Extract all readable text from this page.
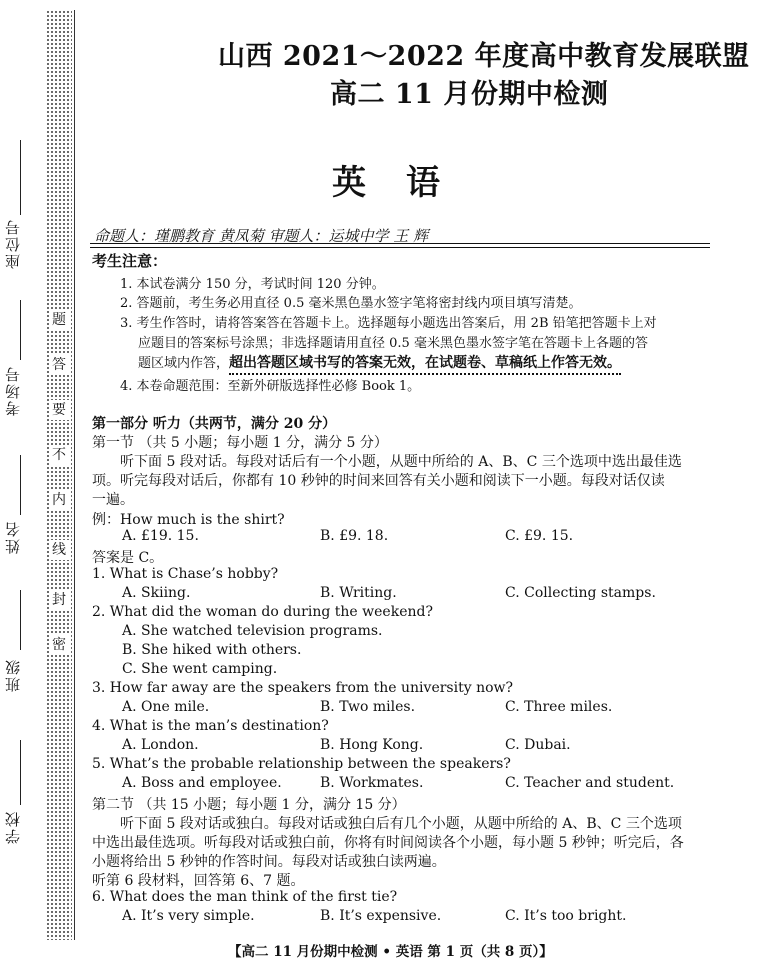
题
答
要
不
内
线
封
密
座位号
考场号
姓名
班级
学校
山西 2021～2022 年度高中教育发展联盟
高二 11 月份期中检测
英语
命题人：瑾鹏教育 黄凤菊 审题人：运城中学 王 辉
考生注意：
1. 本试卷满分 150 分，考试时间 120 分钟。
2. 答题前，考生务必用直径 0.5 毫米黑色墨水签字笔将密封线内项目填写清楚。
3. 考生作答时，请将答案答在答题卡上。选择题每小题选出答案后，用 2B 铅笔把答题卡上对
应题目的答案标号涂黑；非选择题请用直径 0.5 毫米黑色墨水签字笔在答题卡上各题的答
题区域内作答，超出答题区域书写的答案无效，在试题卷、草稿纸上作答无效。
4. 本卷命题范围：至新外研版选择性必修 Book 1。
第一部分 听力（共两节，满分 20 分）
第一节 （共 5 小题；每小题 1 分，满分 5 分）
听下面 5 段对话。每段对话后有一个小题，从题中所给的 A、B、C 三个选项中选出最佳选
项。听完每段对话后，你都有 10 秒钟的时间来回答有关小题和阅读下一小题。每段对话仅读
一遍。
例：How much is the shirt?
A. £19. 15.	B. £9. 18.	C. £9. 15.
答案是 C。
1. What is Chase’s hobby?
A. Skiing.	B. Writing.	C. Collecting stamps.
2. What did the woman do during the weekend?
A. She watched television programs.
B. She hiked with others.
C. She went camping.
3. How far away are the speakers from the university now?
A. One mile.	B. Two miles.	C. Three miles.
4. What is the man’s destination?
A. London.	B. Hong Kong.	C. Dubai.
5. What’s the probable relationship between the speakers?
A. Boss and employee.	B. Workmates.	C. Teacher and student.
第二节 （共 15 小题；每小题 1 分，满分 15 分）
听下面 5 段对话或独白。每段对话或独白后有几个小题，从题中所给的 A、B、C 三个选项
中选出最佳选项。听每段对话或独白前，你将有时间阅读各个小题，每小题 5 秒钟；听完后，各
小题将给出 5 秒钟的作答时间。每段对话或独白读两遍。
听第 6 段材料，回答第 6、7 题。
6. What does the man think of the first tie?
A. It’s very simple.	B. It’s expensive.	C. It’s too bright.
【高二 11 月份期中检测 • 英语 第 1 页（共 8 页）】
